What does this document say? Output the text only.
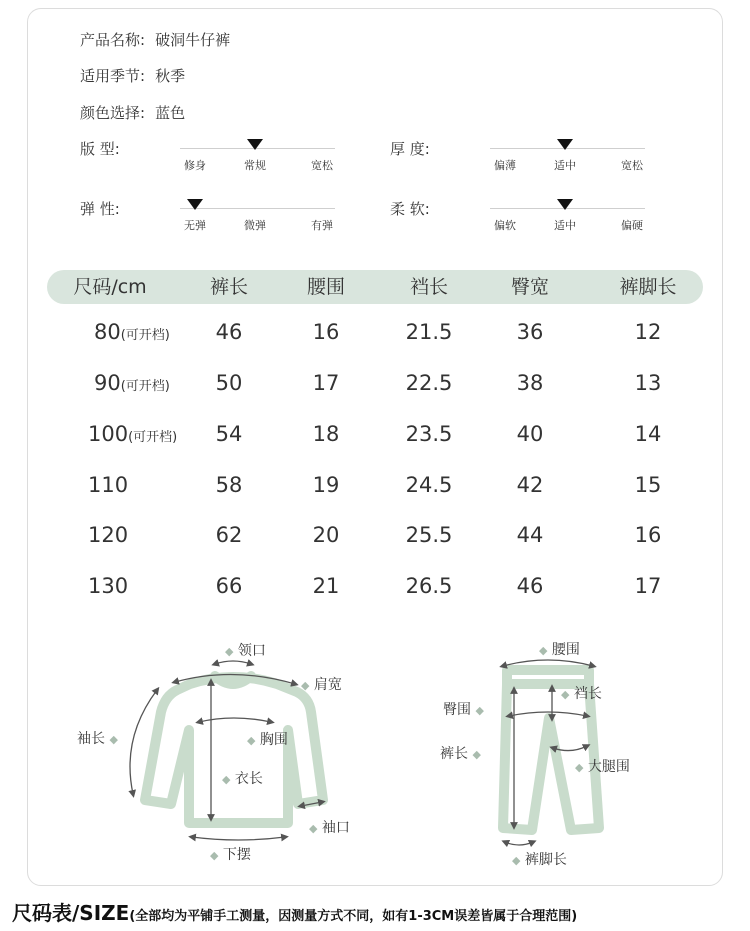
产品名称: 破洞牛仔裤
适用季节: 秋季
颜色选择: 蓝色
版 型:
修身	常规	宽松
厚 度:
偏薄	适中	宽松
弹 性:
无弹	微弹	有弹
柔 软:
偏软	适中	偏硬
尺码/cm	裤长	腰围	裆长	臀宽	裤脚长
80(可开档) 46	16	21.5	36	12
90(可开档) 50	17	22.5	38	13
100(可开档) 54	18	23.5	40	14
110	58	19	24.5	42	15
120	62	20	25.5	44	16
130	66	21	26.5	46	17
◆ 领口
◆ 肩宽
袖长 ◆	◆ 胸围
◆ 衣长
◆ 袖口
◆ 下摆
◆ 腰围
◆ 裆长
臀围 ◆
裤长 ◆
◆ 大腿围
◆ 裤脚长
尺码表/SIZE(全部均为平铺手工测量，因测量方式不同，如有1-3CM误差皆属于合理范围)
